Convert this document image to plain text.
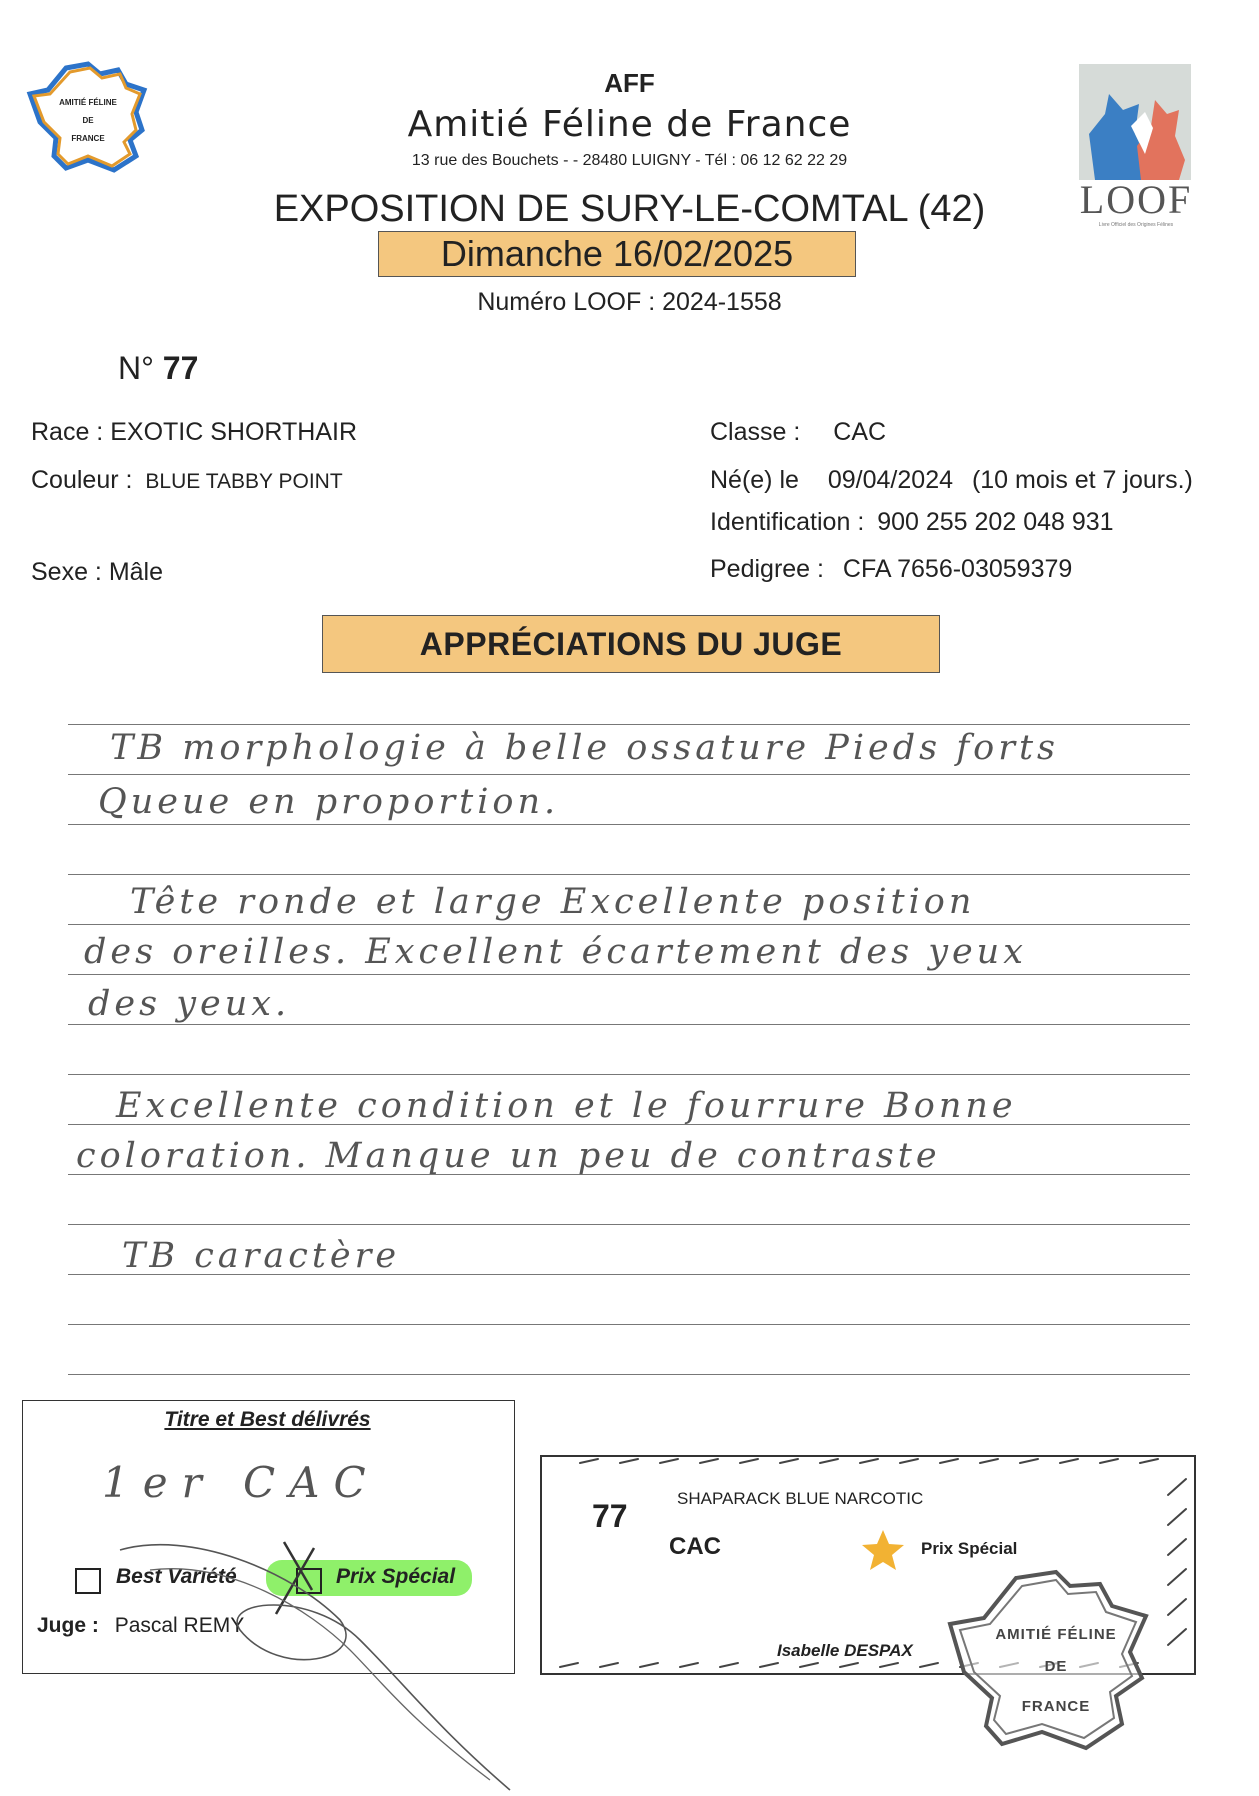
AMITIÉ FÉLINE
DE
FRANCE
LOOF
Livre Officiel des Origines Félines
AFF
Amitié Féline de France
13 rue des Bouchets - - 28480 LUIGNY - Tél : 06 12 62 22 29
EXPOSITION DE SURY-LE-COMTAL (42)
Dimanche 16/02/2025
Numéro LOOF : 2024-1558
N° 77
Race : EXOTIC SHORTHAIR
Couleur : BLUE TABBY POINT
Sexe : Mâle
Classe : CAC
Né(e) le 09/04/2024 (10 mois et 7 jours.)
Identification : 900 255 202 048 931
Pedigree : CFA 7656-03059379
APPRÉCIATIONS DU JUGE
TB morphologie à belle ossature Pieds forts
Queue en proportion.
Tête ronde et large Excellente position
des oreilles. Excellent écartement des yeux
des yeux.
Excellente condition et le fourrure Bonne
coloration. Manque un peu de contraste
TB caractère
Titre et Best délivrés
1er CAC
Best Variété	Prix Spécial
Juge : Pascal REMY
77	SHAPARACK BLUE NARCOTIC
CAC	Prix Spécial
Isabelle DESPAX
AMITIÉ FÉLINE
DE
FRANCE
